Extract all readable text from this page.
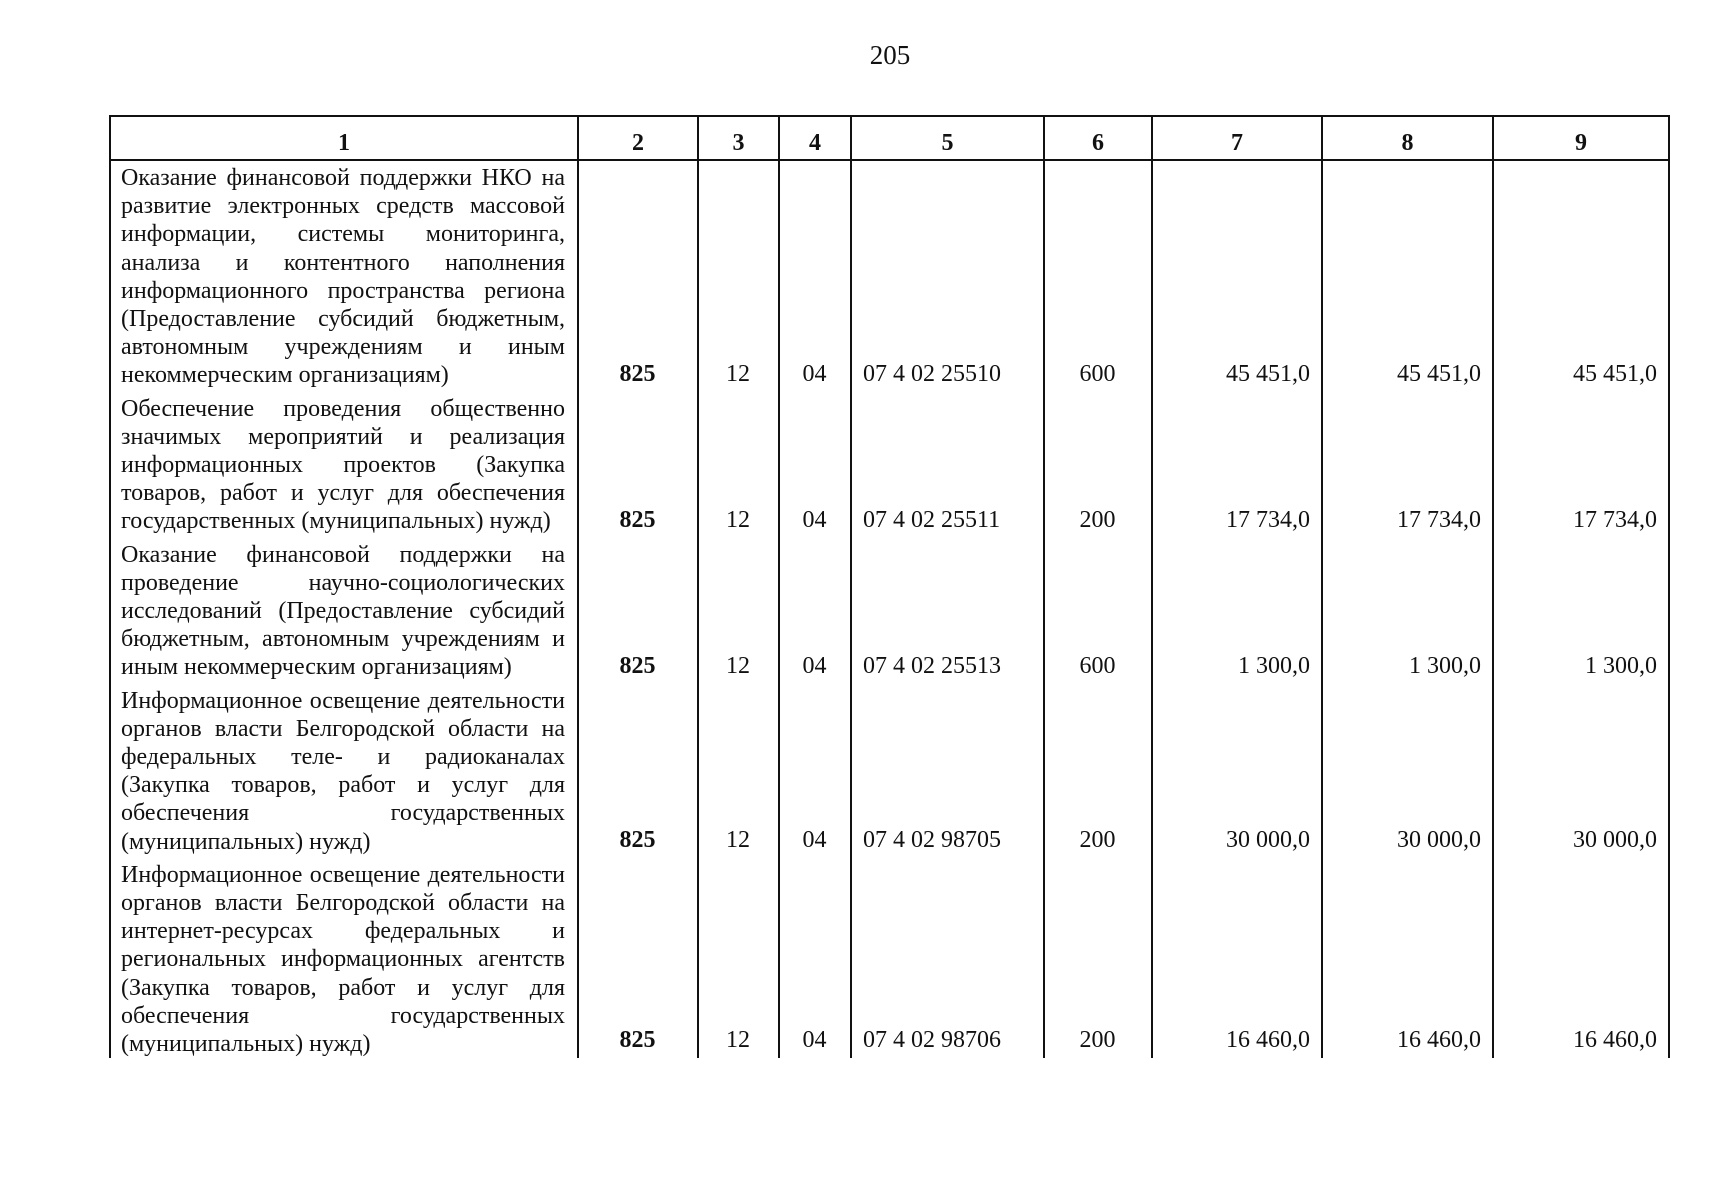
205
1	2	3	4	5	6	7	8	9
Оказание финансовой поддержки НКО на развитие электронных средств массовой информации, системы мониторинга, анализа и контентного наполнения информационного пространства региона (Предоставление субсидий бюджетным, автономным учреждениям и иным некоммерческим организациям)	825	12	04	07 4 02 25510	600	45 451,0	45 451,0	45 451,0
Обеспечение проведения общественно значимых мероприятий и реализация информационных проектов (Закупка товаров, работ и услуг для обеспечения государственных (муниципальных) нужд)	825	12	04	07 4 02 25511	200	17 734,0	17 734,0	17 734,0
Оказание финансовой поддержки на проведение научно-социологических исследований (Предоставление субсидий бюджетным, автономным учреждениям и иным некоммерческим организациям)	825	12	04	07 4 02 25513	600	1 300,0	1 300,0	1 300,0
Информационное освещение деятельности органов власти Белгородской области на федеральных теле- и радиоканалах (Закупка товаров, работ и услуг для обеспечения государственных (муниципальных) нужд)	825	12	04	07 4 02 98705	200	30 000,0	30 000,0	30 000,0
Информационное освещение деятельности органов власти Белгородской области на интернет-ресурсах федеральных и региональных информационных агентств (Закупка товаров, работ и услуг для обеспечения государственных (муниципальных) нужд)	825	12	04	07 4 02 98706	200	16 460,0	16 460,0	16 460,0
